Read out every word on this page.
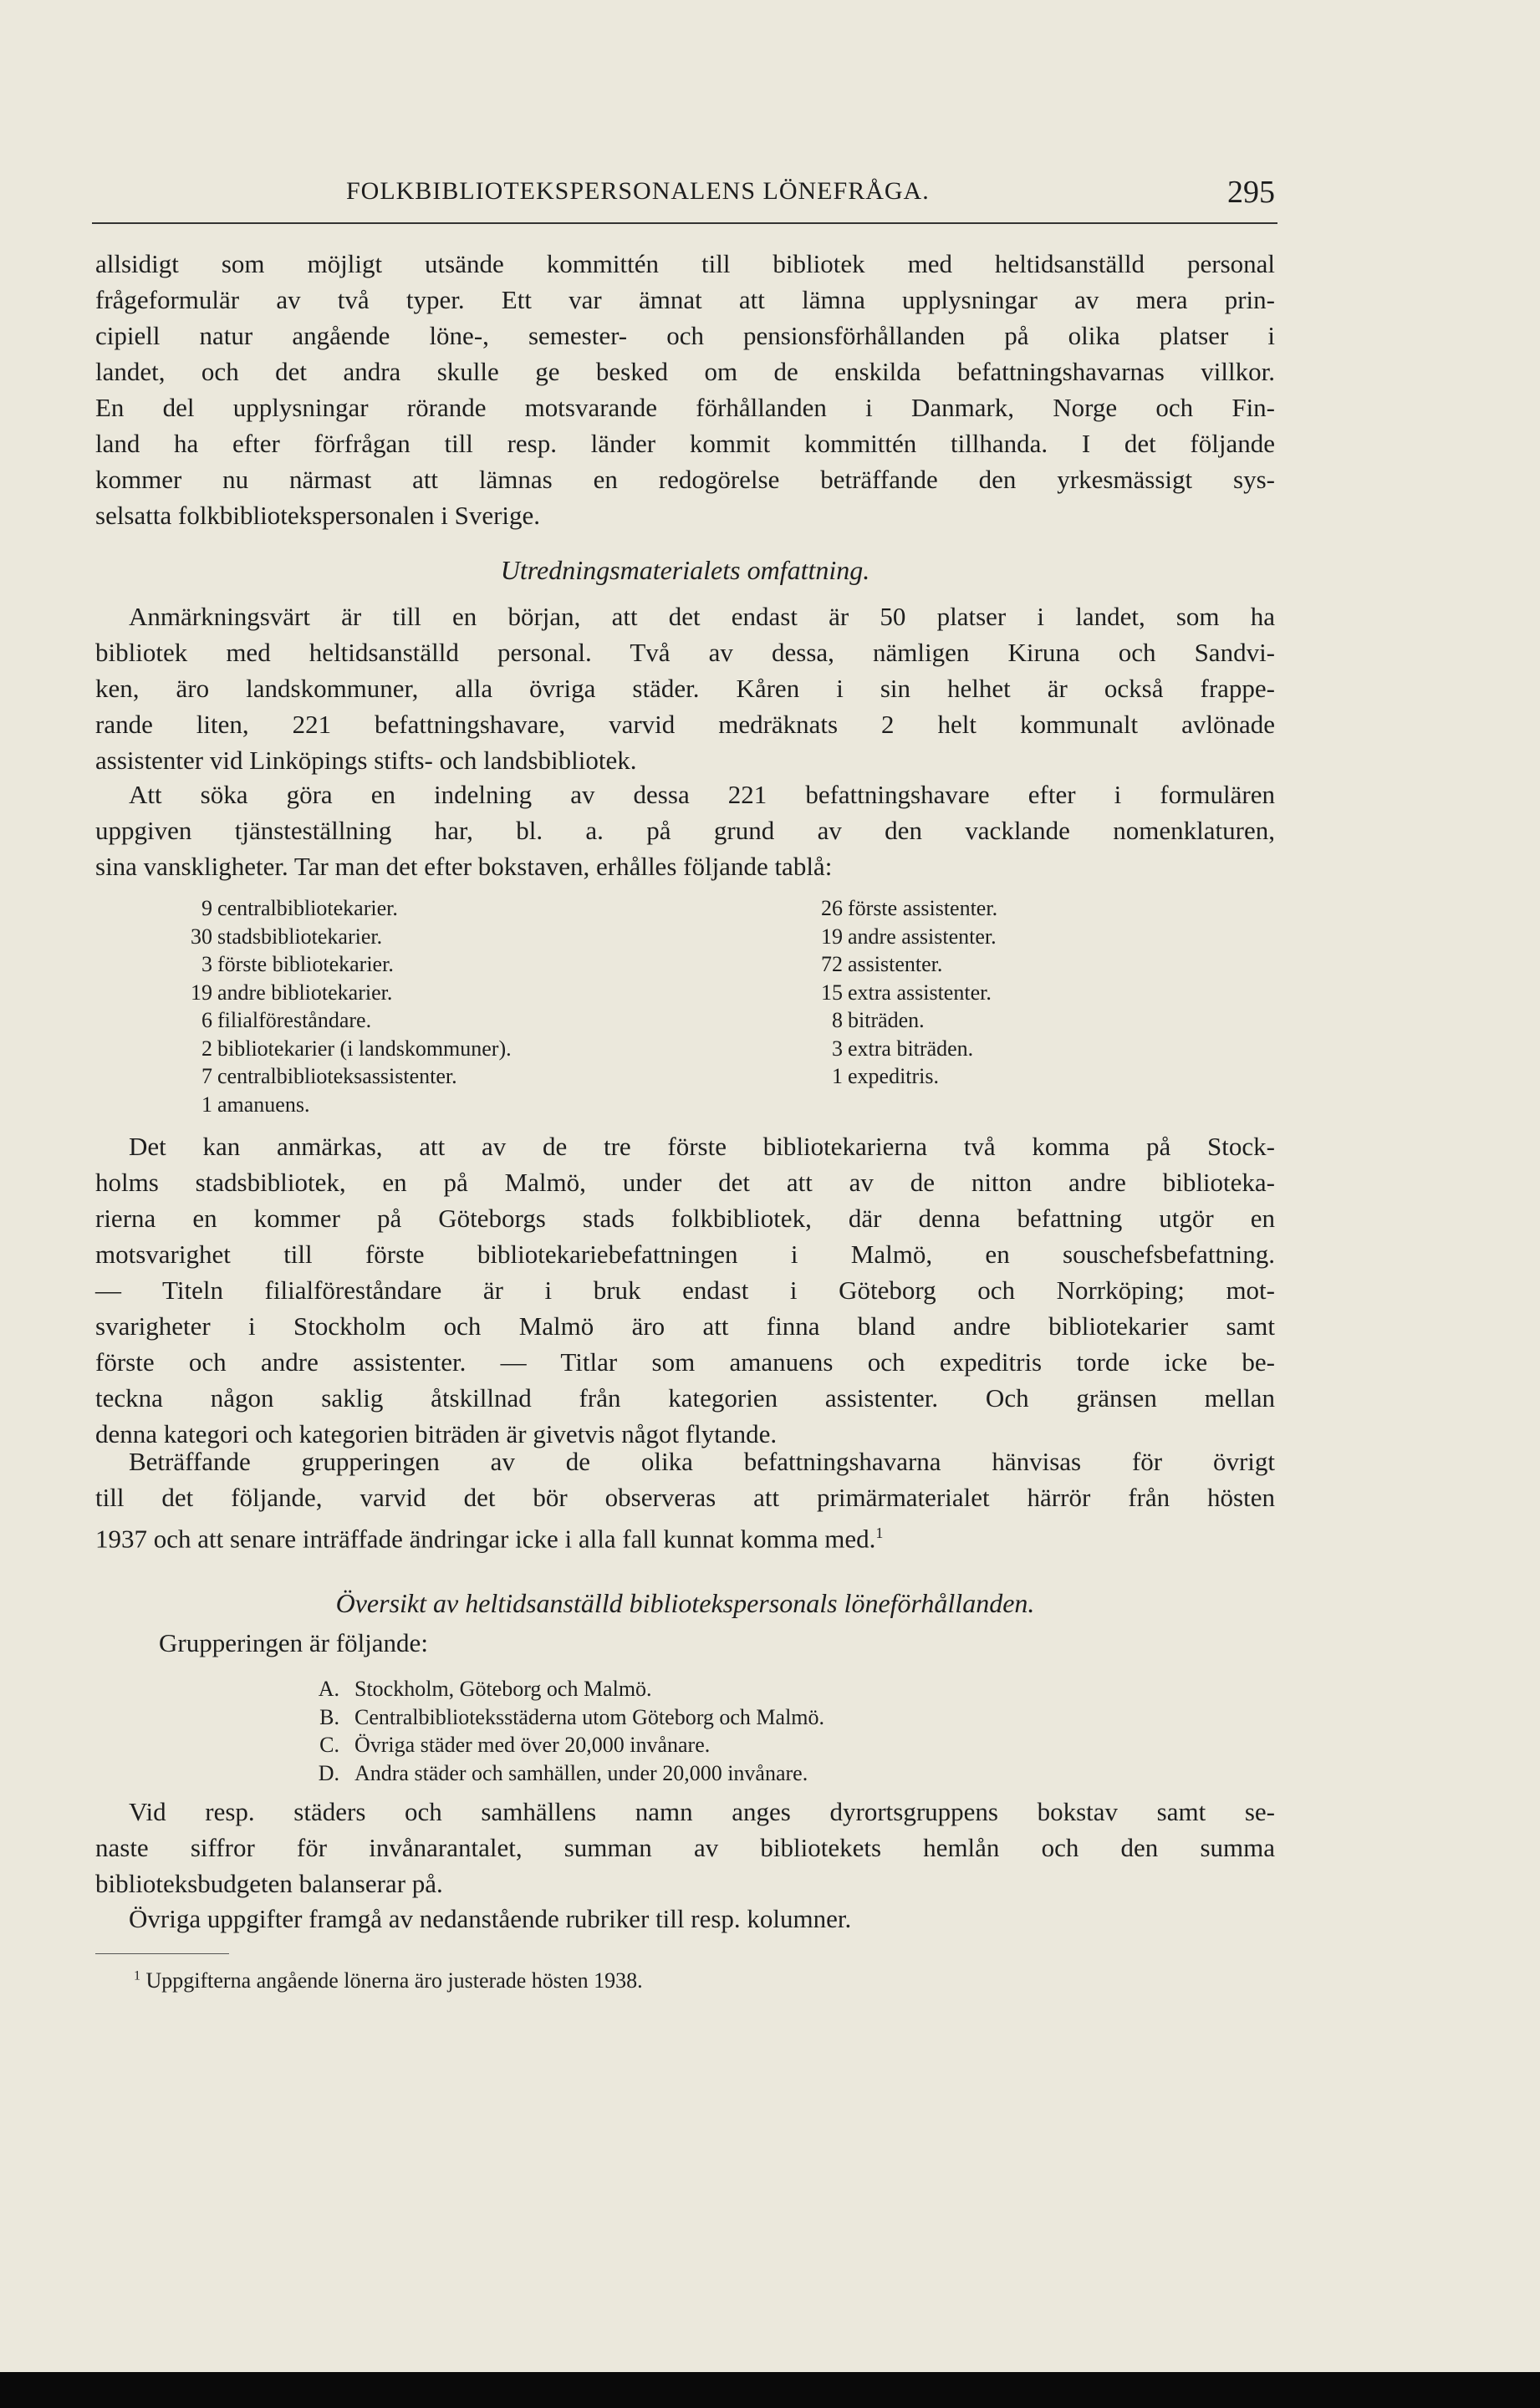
FOLKBIBLIOTEKSPERSONALENS LÖNEFRÅGA.	295
allsidigt som möjligt utsände kommittén till bibliotek med heltidsanställd personal
frågeformulär av två typer. Ett var ämnat att lämna upplysningar av mera prin-
cipiell natur angående löne-, semester- och pensionsförhållanden på olika platser i
landet, och det andra skulle ge besked om de enskilda befattningshavarnas villkor.
En del upplysningar rörande motsvarande förhållanden i Danmark, Norge och Fin-
land ha efter förfrågan till resp. länder kommit kommittén tillhanda. I det följande
kommer nu närmast att lämnas en redogörelse beträffande den yrkesmässigt sys-
selsatta folkbibliotekspersonalen i Sverige.
Utredningsmaterialets omfattning.
Anmärkningsvärt är till en början, att det endast är 50 platser i landet, som ha
bibliotek med heltidsanställd personal. Två av dessa, nämligen Kiruna och Sandvi-
ken, äro landskommuner, alla övriga städer. Kåren i sin helhet är också frappe-
rande liten, 221 befattningshavare, varvid medräknats 2 helt kommunalt avlönade
assistenter vid Linköpings stifts- och landsbibliotek.
Att söka göra en indelning av dessa 221 befattningshavare efter i formulären
uppgiven tjänsteställning har, bl. a. på grund av den vacklande nomenklaturen,
sina vanskligheter. Tar man det efter bokstaven, erhålles följande tablå:
9 centralbibliotekarier.
30 stadsbibliotekarier.
3 förste bibliotekarier.
19 andre bibliotekarier.
6 filialföreståndare.
2 bibliotekarier (i landskommuner).
7 centralbiblioteksassistenter.
1 amanuens.
26 förste assistenter.
19 andre assistenter.
72 assistenter.
15 extra assistenter.
8 biträden.
3 extra biträden.
1 expeditris.
Det kan anmärkas, att av de tre förste bibliotekarierna två komma på Stock-
holms stadsbibliotek, en på Malmö, under det att av de nitton andre biblioteka-
rierna en kommer på Göteborgs stads folkbibliotek, där denna befattning utgör en
motsvarighet till förste bibliotekariebefattningen i Malmö, en souschefsbefattning.
— Titeln filialföreståndare är i bruk endast i Göteborg och Norrköping; mot-
svarigheter i Stockholm och Malmö äro att finna bland andre bibliotekarier samt
förste och andre assistenter. — Titlar som amanuens och expeditris torde icke be-
teckna någon saklig åtskillnad från kategorien assistenter. Och gränsen mellan
denna kategori och kategorien biträden är givetvis något flytande.
Beträffande grupperingen av de olika befattningshavarna hänvisas för övrigt
till det följande, varvid det bör observeras att primärmaterialet härrör från hösten
1937 och att senare inträffade ändringar icke i alla fall kunnat komma med.$^1$
Översikt av heltidsanställd bibliotekspersonals löneförhållanden.
Grupperingen är följande:
A. Stockholm, Göteborg och Malmö.
B. Centralbiblioteksstäderna utom Göteborg och Malmö.
C. Övriga städer med över 20,000 invånare.
D. Andra städer och samhällen, under 20,000 invånare.
Vid resp. städers och samhällens namn anges dyrortsgruppens bokstav samt se-
naste siffror för invånarantalet, summan av bibliotekets hemlån och den summa
biblioteksbudgeten balanserar på.
Övriga uppgifter framgå av nedanstående rubriker till resp. kolumner.
$^1$ Uppgifterna angående lönerna äro justerade hösten 1938.
